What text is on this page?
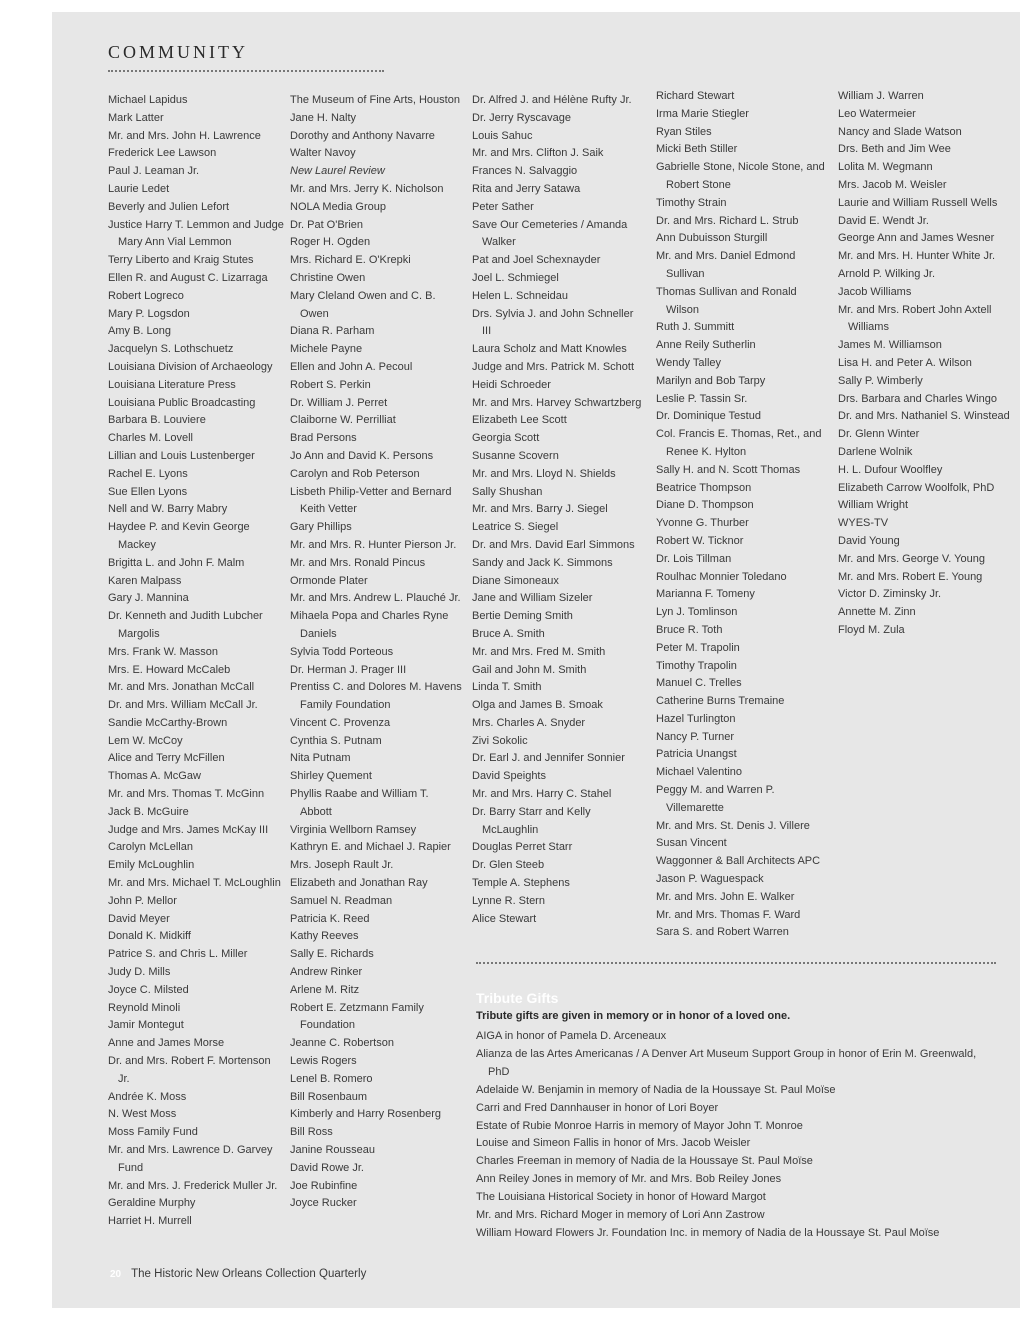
COMMUNITY
Michael Lapidus
Mark Latter
Mr. and Mrs. John H. Lawrence
Frederick Lee Lawson
Paul J. Leaman Jr.
Laurie Ledet
Beverly and Julien Lefort
Justice Harry T. Lemmon and Judge Mary Ann Vial Lemmon
Terry Liberto and Kraig Stutes
Ellen R. and August C. Lizarraga
Robert Logreco
Mary P. Logsdon
Amy B. Long
Jacquelyn S. Lothschuetz
Louisiana Division of Archaeology
Louisiana Literature Press
Louisiana Public Broadcasting
Barbara B. Louviere
Charles M. Lovell
Lillian and Louis Lustenberger
Rachel E. Lyons
Sue Ellen Lyons
Nell and W. Barry Mabry
Haydee P. and Kevin George Mackey
Brigitta L. and John F. Malm
Karen Malpass
Gary J. Mannina
Dr. Kenneth and Judith Lubcher Margolis
Mrs. Frank W. Masson
Mrs. E. Howard McCaleb
Mr. and Mrs. Jonathan McCall
Dr. and Mrs. William McCall Jr.
Sandie McCarthy-Brown
Lem W. McCoy
Alice and Terry McFillen
Thomas A. McGaw
Mr. and Mrs. Thomas T. McGinn
Jack B. McGuire
Judge and Mrs. James McKay III
Carolyn McLellan
Emily McLoughlin
Mr. and Mrs. Michael T. McLoughlin
John P. Mellor
David Meyer
Donald K. Midkiff
Patrice S. and Chris L. Miller
Judy D. Mills
Joyce C. Milsted
Reynold Minoli
Jamir Montegut
Anne and James Morse
Dr. and Mrs. Robert F. Mortenson Jr.
Andrée K. Moss
N. West Moss
Moss Family Fund
Mr. and Mrs. Lawrence D. Garvey Fund
Mr. and Mrs. J. Frederick Muller Jr.
Geraldine Murphy
Harriet H. Murrell
The Museum of Fine Arts, Houston
Jane H. Nalty
Dorothy and Anthony Navarre
Walter Navoy
New Laurel Review
Mr. and Mrs. Jerry K. Nicholson
NOLA Media Group
Dr. Pat O'Brien
Roger H. Ogden
Mrs. Richard E. O'Krepki
Christine Owen
Mary Cleland Owen and C. B. Owen
Diana R. Parham
Michele Payne
Ellen and John A. Pecoul
Robert S. Perkin
Dr. William J. Perret
Claiborne W. Perrilliat
Brad Persons
Jo Ann and David K. Persons
Carolyn and Rob Peterson
Lisbeth Philip-Vetter and Bernard Keith Vetter
Gary Phillips
Mr. and Mrs. R. Hunter Pierson Jr.
Mr. and Mrs. Ronald Pincus
Ormonde Plater
Mr. and Mrs. Andrew L. Plauché Jr.
Mihaela Popa and Charles Ryne Daniels
Sylvia Todd Porteous
Dr. Herman J. Prager III
Prentiss C. and Dolores M. Havens Family Foundation
Vincent C. Provenza
Cynthia S. Putnam
Nita Putnam
Shirley Quement
Phyllis Raabe and William T. Abbott
Virginia Wellborn Ramsey
Kathryn E. and Michael J. Rapier
Mrs. Joseph Rault Jr.
Elizabeth and Jonathan Ray
Samuel N. Readman
Patricia K. Reed
Kathy Reeves
Sally E. Richards
Andrew Rinker
Arlene M. Ritz
Robert E. Zetzmann Family Foundation
Jeanne C. Robertson
Lewis Rogers
Lenel B. Romero
Bill Rosenbaum
Kimberly and Harry Rosenberg
Bill Ross
Janine Rousseau
David Rowe Jr.
Joe Rubinfine
Joyce Rucker
Dr. Alfred J. and Hélène Rufty Jr.
Dr. Jerry Ryscavage
Louis Sahuc
Mr. and Mrs. Clifton J. Saik
Frances N. Salvaggio
Rita and Jerry Satawa
Peter Sather
Save Our Cemeteries / Amanda Walker
Pat and Joel Schexnayder
Joel L. Schmiegel
Helen L. Schneidau
Drs. Sylvia J. and John Schneller III
Laura Scholz and Matt Knowles
Judge and Mrs. Patrick M. Schott
Heidi Schroeder
Mr. and Mrs. Harvey Schwartzberg
Elizabeth Lee Scott
Georgia Scott
Susanne Scovern
Mr. and Mrs. Lloyd N. Shields
Sally Shushan
Mr. and Mrs. Barry J. Siegel
Leatrice S. Siegel
Dr. and Mrs. David Earl Simmons
Sandy and Jack K. Simmons
Diane Simoneaux
Jane and William Sizeler
Bertie Deming Smith
Bruce A. Smith
Mr. and Mrs. Fred M. Smith
Gail and John M. Smith
Linda T. Smith
Olga and James B. Smoak
Mrs. Charles A. Snyder
Zivi Sokolic
Dr. Earl J. and Jennifer Sonnier
David Speights
Mr. and Mrs. Harry C. Stahel
Dr. Barry Starr and Kelly McLaughlin
Douglas Perret Starr
Dr. Glen Steeb
Temple A. Stephens
Lynne R. Stern
Alice Stewart
Richard Stewart
Irma Marie Stiegler
Ryan Stiles
Micki Beth Stiller
Gabrielle Stone, Nicole Stone, and Robert Stone
Timothy Strain
Dr. and Mrs. Richard L. Strub
Ann Dubuisson Sturgill
Mr. and Mrs. Daniel Edmond Sullivan
Thomas Sullivan and Ronald Wilson
Ruth J. Summitt
Anne Reily Sutherlin
Wendy Talley
Marilyn and Bob Tarpy
Leslie P. Tassin Sr.
Dr. Dominique Testud
Col. Francis E. Thomas, Ret., and Renee K. Hylton
Sally H. and N. Scott Thomas
Beatrice Thompson
Diane D. Thompson
Yvonne G. Thurber
Robert W. Ticknor
Dr. Lois Tillman
Roulhac Monnier Toledano
Marianna F. Tomeny
Lyn J. Tomlinson
Bruce R. Toth
Peter M. Trapolin
Timothy Trapolin
Manuel C. Trelles
Catherine Burns Tremaine
Hazel Turlington
Nancy P. Turner
Patricia Unangst
Michael Valentino
Peggy M. and Warren P. Villemarette
Mr. and Mrs. St. Denis J. Villere
Susan Vincent
Waggonner & Ball Architects APC
Jason P. Waguespack
Mr. and Mrs. John E. Walker
Mr. and Mrs. Thomas F. Ward
Sara S. and Robert Warren
William J. Warren
Leo Watermeier
Nancy and Slade Watson
Drs. Beth and Jim Wee
Lolita M. Wegmann
Mrs. Jacob M. Weisler
Laurie and William Russell Wells
David E. Wendt Jr.
George Ann and James Wesner
Mr. and Mrs. H. Hunter White Jr.
Arnold P. Wilking Jr.
Jacob Williams
Mr. and Mrs. Robert John Axtell Williams
James M. Williamson
Lisa H. and Peter A. Wilson
Sally P. Wimberly
Drs. Barbara and Charles Wingo
Dr. and Mrs. Nathaniel S. Winstead
Dr. Glenn Winter
Darlene Wolnik
H. L. Dufour Woolfley
Elizabeth Carrow Woolfolk, PhD
William Wright
WYES-TV
David Young
Mr. and Mrs. George V. Young
Mr. and Mrs. Robert E. Young
Victor D. Ziminsky Jr.
Annette M. Zinn
Floyd M. Zula
Tribute Gifts
Tribute gifts are given in memory or in honor of a loved one.
AIGA in honor of Pamela D. Arceneaux
Alianza de las Artes Americanas / A Denver Art Museum Support Group in honor of Erin M. Greenwald, PhD
Adelaide W. Benjamin in memory of Nadia de la Houssaye St. Paul Moïse
Carri and Fred Dannhauser in honor of Lori Boyer
Estate of Rubie Monroe Harris in memory of Mayor John T. Monroe
Louise and Simeon Fallis in honor of Mrs. Jacob Weisler
Charles Freeman in memory of Nadia de la Houssaye St. Paul Moïse
Ann Reiley Jones in memory of Mr. and Mrs. Bob Reiley Jones
The Louisiana Historical Society in honor of Howard Margot
Mr. and Mrs. Richard Moger in memory of Lori Ann Zastrow
William Howard Flowers Jr. Foundation Inc. in memory of Nadia de la Houssaye St. Paul Moïse
20 The Historic New Orleans Collection Quarterly
